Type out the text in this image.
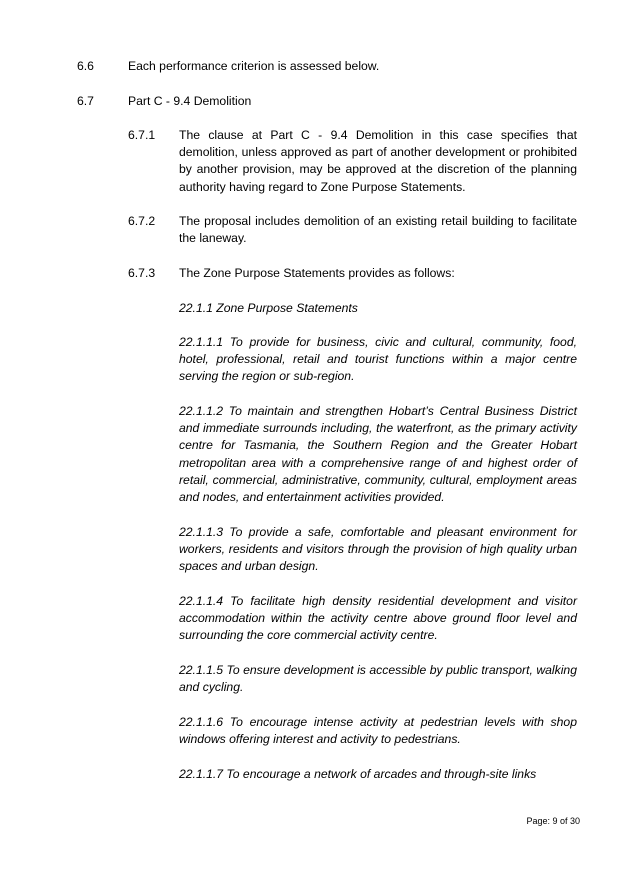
6.6	Each performance criterion is assessed below.
6.7	Part C - 9.4 Demolition
6.7.1 The clause at Part C - 9.4 Demolition in this case specifies that demolition, unless approved as part of another development or prohibited by another provision, may be approved at the discretion of the planning authority having regard to Zone Purpose Statements.
6.7.2 The proposal includes demolition of an existing retail building to facilitate the laneway.
6.7.3 The Zone Purpose Statements provides as follows:
22.1.1 Zone Purpose Statements
22.1.1.1 To provide for business, civic and cultural, community, food, hotel, professional, retail and tourist functions within a major centre serving the region or sub-region.
22.1.1.2 To maintain and strengthen Hobart’s Central Business District and immediate surrounds including, the waterfront, as the primary activity centre for Tasmania, the Southern Region and the Greater Hobart metropolitan area with a comprehensive range of and highest order of retail, commercial, administrative, community, cultural, employment areas and nodes, and entertainment activities provided.
22.1.1.3 To provide a safe, comfortable and pleasant environment for workers, residents and visitors through the provision of high quality urban spaces and urban design.
22.1.1.4 To facilitate high density residential development and visitor accommodation within the activity centre above ground floor level and surrounding the core commercial activity centre.
22.1.1.5 To ensure development is accessible by public transport, walking and cycling.
22.1.1.6 To encourage intense activity at pedestrian levels with shop windows offering interest and activity to pedestrians.
22.1.1.7 To encourage a network of arcades and through-site links
Page: 9 of 30
